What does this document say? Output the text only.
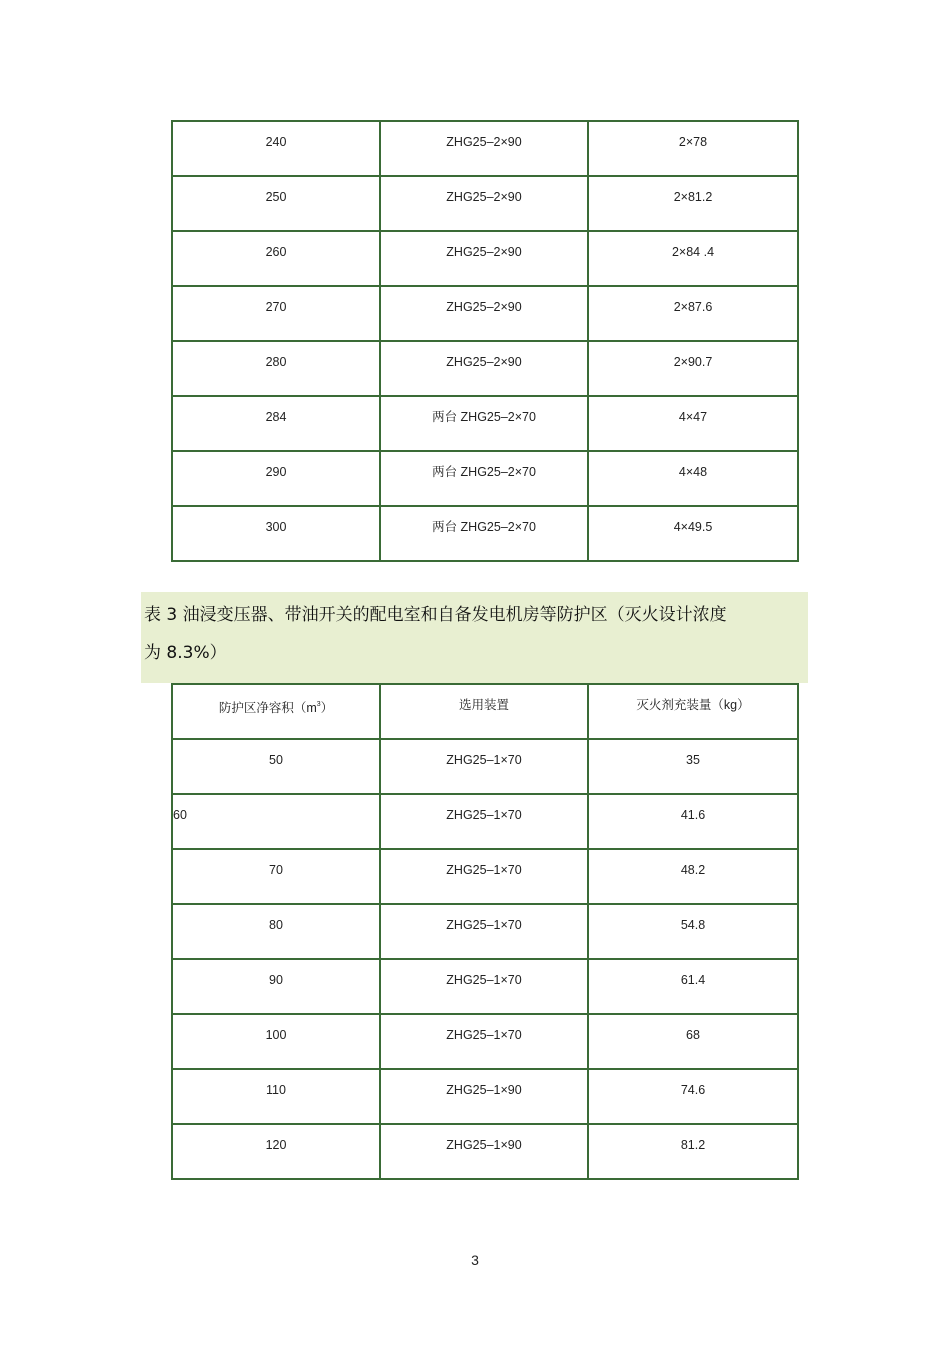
240	ZHG25–2×90	2×78
250	ZHG25–2×90	2×81.2
260	ZHG25–2×90	2×84 .4
270	ZHG25–2×90	2×87.6
280	ZHG25–2×90	2×90.7
284	两台 ZHG25–2×70	4×47
290	两台 ZHG25–2×70	4×48
300	两台 ZHG25–2×70	4×49.5
表 3 油浸变压器、带油开关的配电室和自备发电机房等防护区（灭火设计浓度
为 8.3%）
防护区净容积$(m^3)$	选用装置	灭火剂充装量（kg）
50	ZHG25–1×70	35
60	ZHG25–1×70	41.6
70	ZHG25–1×70	48.2
80	ZHG25–1×70	54.8
90	ZHG25–1×70	61.4
100	ZHG25–1×70	68
110	ZHG25–1×90	74.6
120	ZHG25–1×90	81.2
3
